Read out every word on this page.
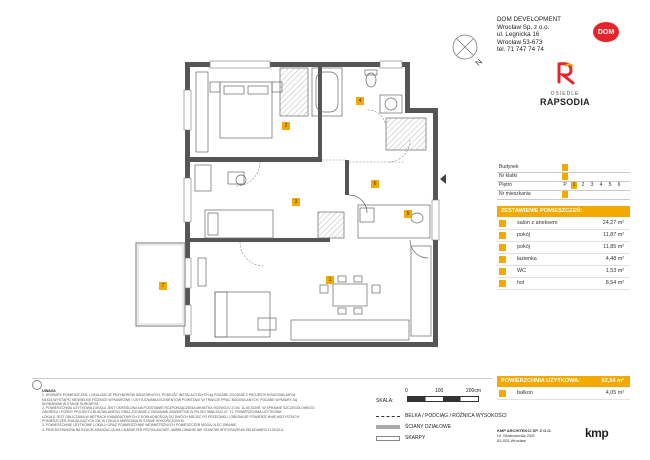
2
4
6
3
5
1
7
N
DOM DEVELOPMENT
Wrocław Sp. z o.o.
ul. Legnicka 16
Wrocław 53-673
tel. 71 747 74 74
DOM
OSIEDLE
RAPSODIA
Budynek
Nr klatki
Piętro	P	1	2	3	4	5	6
Nr mieszkania
ZESTAWIENIE POMIESZCZEŃ:
salon z aneksem	24,27 m²
pokój	11,87 m²
pokój	11,85 m²
łazienka	4,48 m²
WC	1,53 m²
hol	8,54 m²
POWIERZCHNIA UŻYTKOWA:	62,54 m²
balkon	4,05 m²
UWAGI:
1. WYMIARY POMIESZCZEŃ, LOKALIZACJE PRZYBORÓW SANITARNYCH, PODEJŚĆ INSTALACYJNYCH są PODANE ZGODNIE Z PROJEKTEM BUDOWLANYM.
MOGĄ WYSTĄPIĆ NIEWIELKIE RÓŻNICE WYMIAROWE I USYTUOWANIA ELEMENTÓW POWSTAŁE W TRAKCIE PRAC BUDOWLANYCH. PODANE WYMIARY SĄ
WYMIARAMI W STANIE SUROWYM.
2. POWIERZCHNIA UŻYTKOWA LOKALU JEST OKREŚLONA NA PODSTAWIE ROZPORZĄDZENIA MINISTRA ROZWOJU Z DN. 11.09.2020R. W SPRAWIE SZCZEGÓŁOWEGO
ZAKRESU I FORMY PROJEKTU BUDOWLANEGO ORAZ ZGODNIE Z ZASADAMI ZAWARTYMI W PN-ISO 9836:2022-07. TJ. POWIERZCHNIA UŻYTKOWA
LOKALU JEST OBLICZANA W METRACH KWADRATOWYCH Z DOKŁADNOŚCIĄ DO DWÓCH MIEJSC PO PRZECINKU I OBEJMUJE POWIERZCHNIĘ WSZYSTKICH
POMIESZCZEŃ ZNAJDUJĄCYCH SIĘ W LOKALU MIERZONĄ W STANIE WYKOŃCZONYM.
3. POWIERZCHNIE UŻYTKOWE LOKALU ORAZ POWIERZCHNIE WEWNĘTRZNYCH POMIESZCZEŃ MOGĄ ULEC ZMIANIE.
4. PRZEDSTAWIONA NA RZUCIE ARANŻACJA MA CHARAKTER PRZYKŁADOWY, UMEBLOWANIE NIE STANOWI WYPOSAŻENIA SKŁADANEGO LOKALU.
SKALA:
0	100	200cm
BELKA / PODCIĄG / RÓŻNICA WYSOKOŚCI
ŚCIANY DZIAŁOWE
SKARPY
KMP ARCHITEKCI SP. Z O.O.
Ul. Skarbowców 23/6
53-025 Wrocław
kmp
